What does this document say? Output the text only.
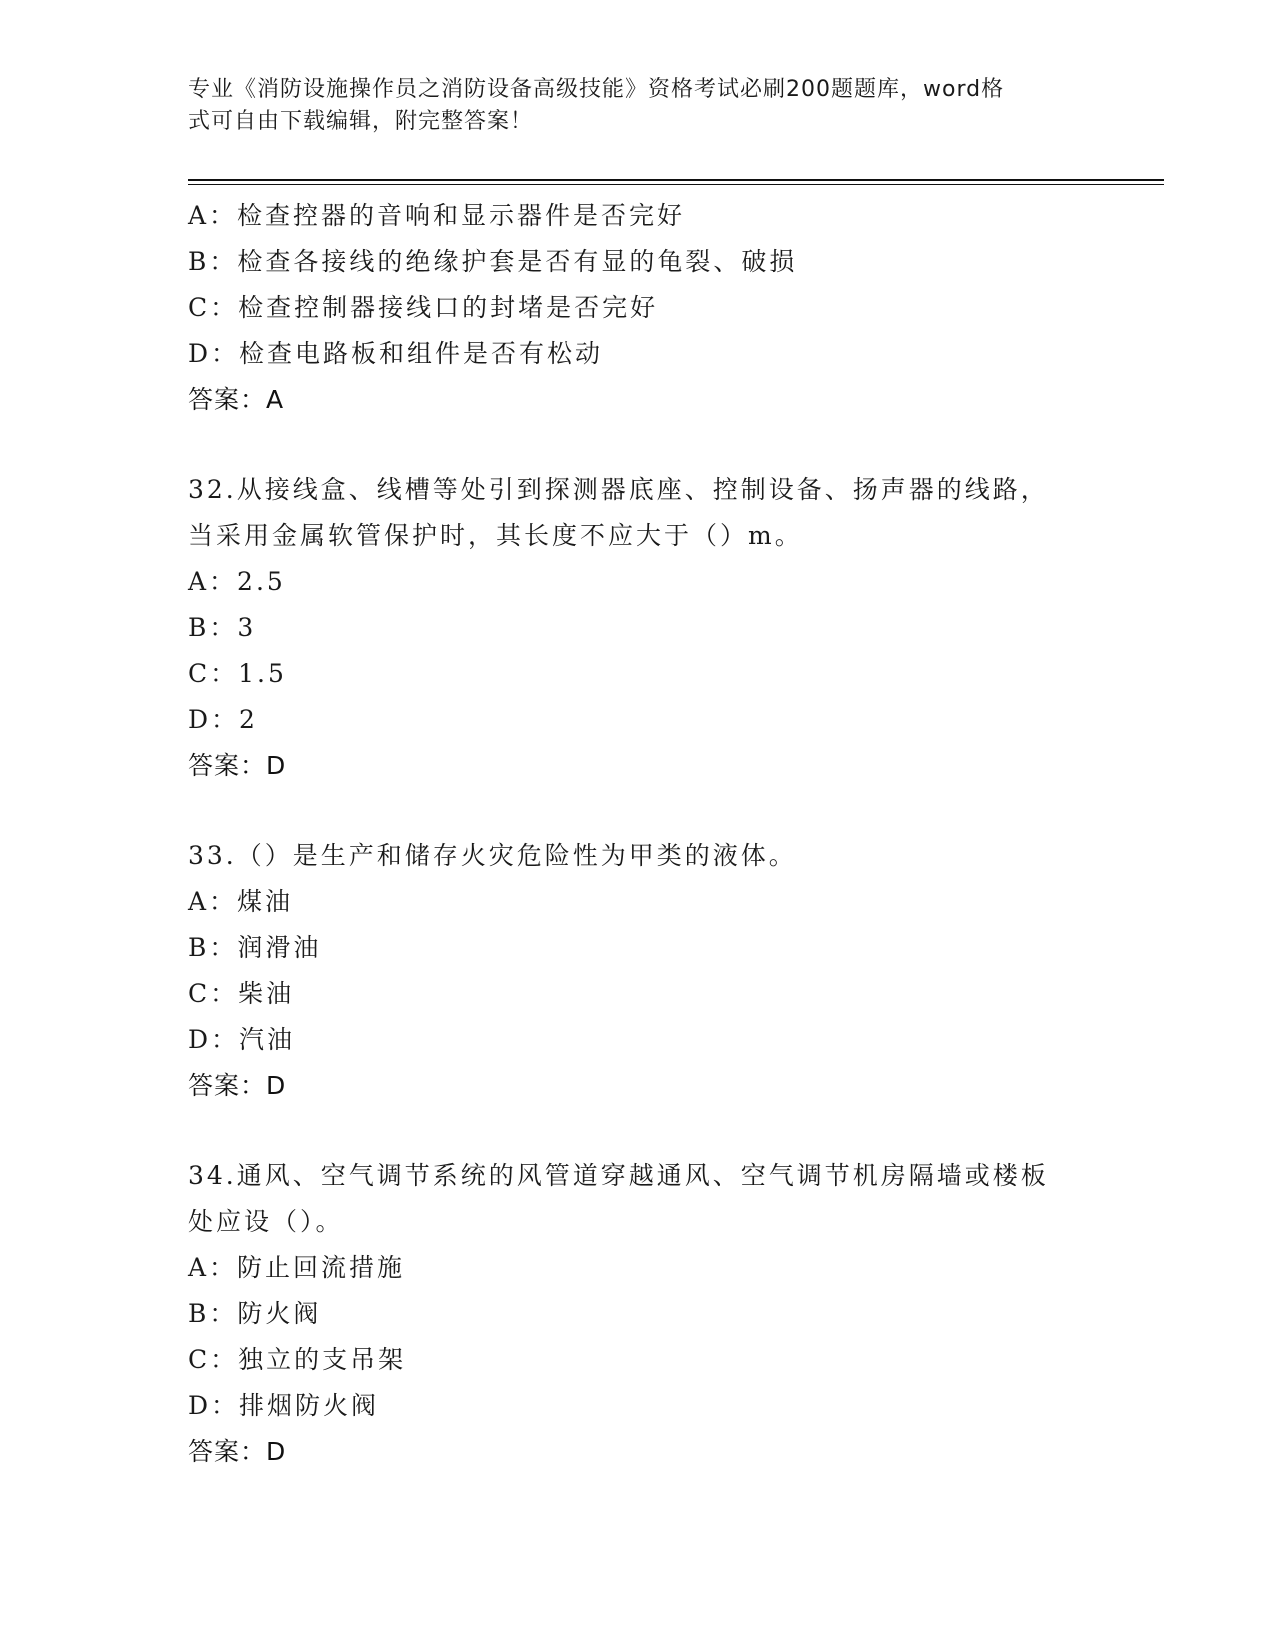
专业《消防设施操作员之消防设备高级技能》资格考试必刷200题题库，word格
式可自由下载编辑，附完整答案！
A：检查控器的音响和显示器件是否完好
B：检查各接线的绝缘护套是否有显的龟裂、破损
C：检查控制器接线口的封堵是否完好
D：检查电路板和组件是否有松动
答案：A
32.从接线盒、线槽等处引到探测器底座、控制设备、扬声器的线路，
当采用金属软管保护时，其长度不应大于（）m。
A：2.5
B：3
C：1.5
D：2
答案：D
33.（）是生产和储存火灾危险性为甲类的液体。
A：煤油
B：润滑油
C：柴油
D：汽油
答案：D
34.通风、空气调节系统的风管道穿越通风、空气调节机房隔墙或楼板
处应设（）。
A：防止回流措施
B：防火阀
C：独立的支吊架
D：排烟防火阀
答案：D
